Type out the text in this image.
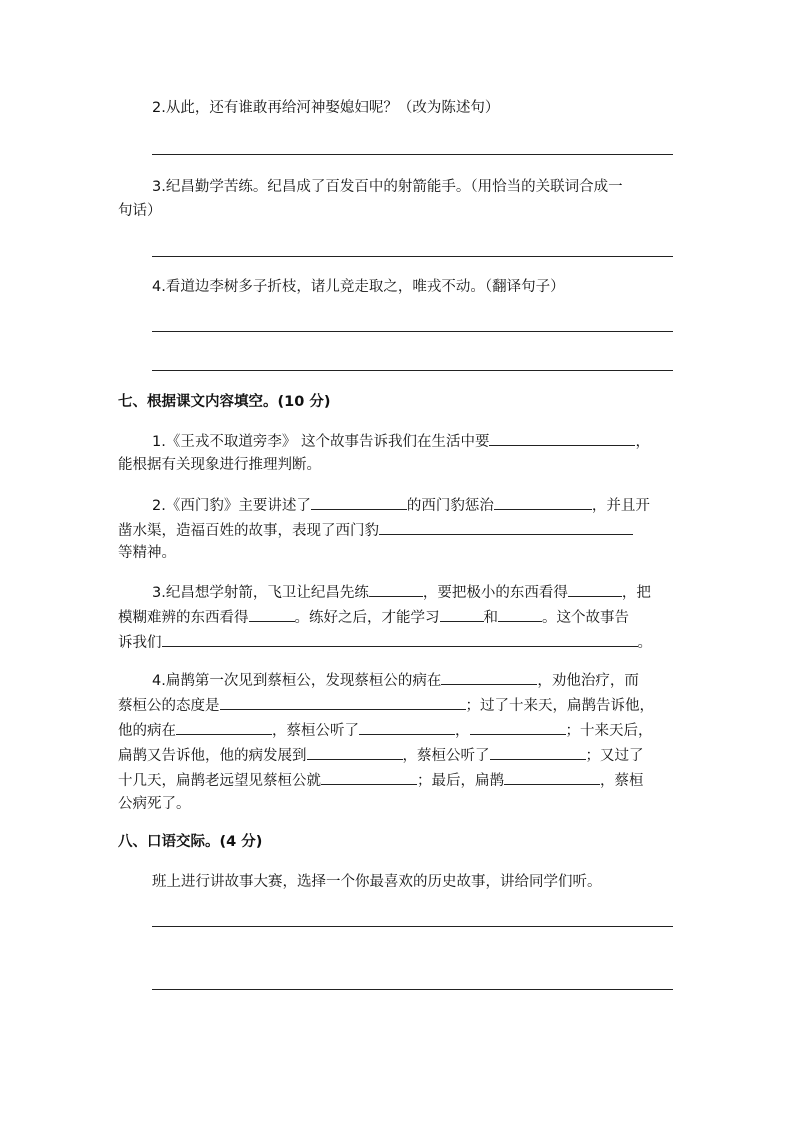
2.从此，还有谁敢再给河神娶媳妇呢？（改为陈述句）
3.纪昌勤学苦练。纪昌成了百发百中的射箭能手。（用恰当的关联词合成一
句话）
4.看道边李树多子折枝，诸儿竞走取之，唯戎不动。（翻译句子）
七、根据课文内容填空。(10 分)
1.《王戎不取道旁李》 这个故事告诉我们在生活中要	，
能根据有关现象进行推理判断。
2.《西门豹》主要讲述了	的西门豹惩治	，并且开
凿水渠，造福百姓的故事，表现了西门豹
等精神。
3.纪昌想学射箭，飞卫让纪昌先练	，要把极小的东西看得	，把
模糊难辨的东西看得	。练好之后，才能学习	和	。这个故事告
诉我们	。
4.扁鹊第一次见到蔡桓公，发现蔡桓公的病在	，劝他治疗，而
蔡桓公的态度是	；过了十来天，扁鹊告诉他，
他的病在	，蔡桓公听了	，	；十来天后，
扁鹊又告诉他，他的病发展到	，蔡桓公听了	；又过了
十几天，扁鹊老远望见蔡桓公就	；最后，扁鹊	，蔡桓
公病死了。
八、口语交际。(4 分)
班上进行讲故事大赛，选择一个你最喜欢的历史故事，讲给同学们听。
